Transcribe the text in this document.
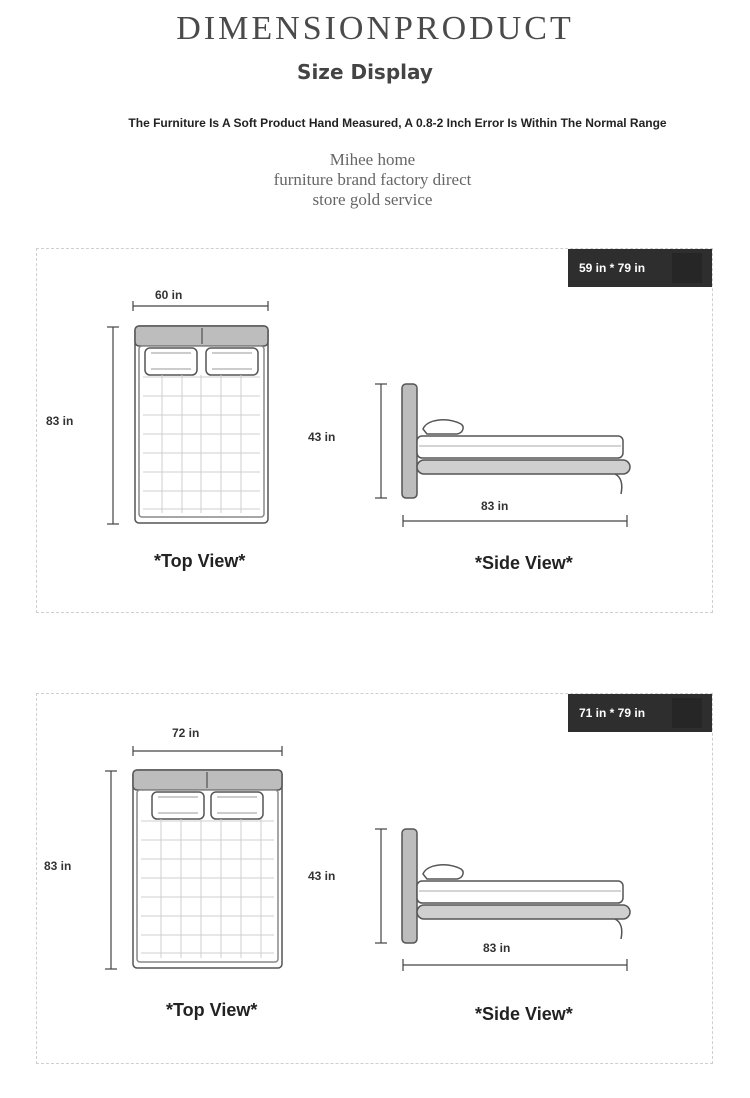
DIMENSIONPRODUCT
Size Display
The Furniture Is A Soft Product Hand Measured, A 0.8-2 Inch Error Is Within The Normal Range
Mihee home
furniture brand factory direct
store gold service
59 in * 79 in
60 in
83 in
43 in
83 in
*Top View*	*Side View*
71 in * 79 in
72 in
83 in
43 in
83 in
*Top View*	*Side View*
